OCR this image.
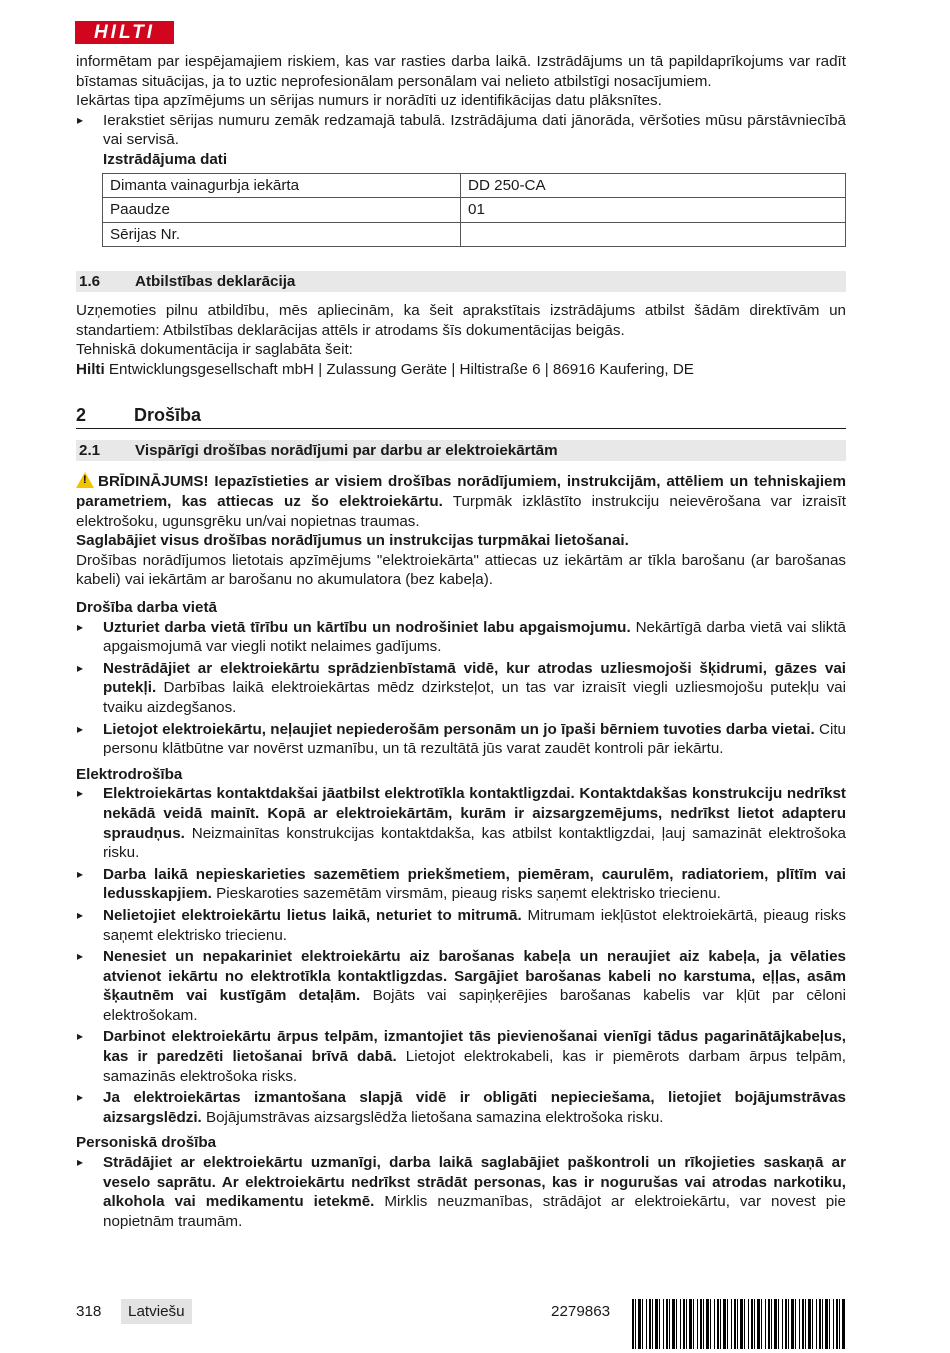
HILTI

informētam par iespējamajiem riskiem, kas var rasties darba laikā. Izstrādājums un tā papildaprīkojums var radīt bīstamas situācijas, ja to uztic neprofesionālam personālam vai nelieto atbilstīgi nosacījumiem.

Iekārtas tipa apzīmējums un sērijas numurs ir norādīti uz identifikācijas datu plāksnītes.

▸ Ierakstiet sērijas numuru zemāk redzamajā tabulā. Izstrādājuma dati jānorāda, vēršoties mūsu pārstāvniecībā vai servisā.

Izstrādājuma dati

Dimanta vainagurbja iekārta	DD 250-CA
Paaudze	01
Sērijas Nr.	
1.6	Atbilstības deklarācija

Uzņemoties pilnu atbildību, mēs apliecinām, ka šeit aprakstītais izstrādājums atbilst šādām direktīvām un standartiem: Atbilstības deklarācijas attēls ir atrodams šīs dokumentācijas beigās.

Tehniskā dokumentācija ir saglabāta šeit:

Hilti Entwicklungsgesellschaft mbH | Zulassung Geräte | Hiltistraße 6 | 86916 Kaufering, DE

2	Drošība
2.1	Vispārīgi drošības norādījumi par darbu ar elektroiekārtām

!BRĪDINĀJUMS! Iepazīstieties ar visiem drošības norādījumiem, instrukcijām, attēliem un tehniskajiem parametriem, kas attiecas uz šo elektroiekārtu. Turpmāk izklāstīto instrukciju neievērošana var izraisīt elektrošoku, ugunsgrēku un/vai nopietnas traumas.

Saglabājiet visus drošības norādījumus un instrukcijas turpmākai lietošanai.

Drošības norādījumos lietotais apzīmējums "elektroiekārta" attiecas uz iekārtām ar tīkla barošanu (ar barošanas kabeli) vai iekārtām ar barošanu no akumulatora (bez kabeļa).

Drošība darba vietā

▸ Uzturiet darba vietā tīrību un kārtību un nodrošiniet labu apgaismojumu. Nekārtīgā darba vietā vai sliktā apgaismojumā var viegli notikt nelaimes gadījums.

▸ Nestrādājiet ar elektroiekārtu sprādzienbīstamā vidē, kur atrodas uzliesmojoši šķidrumi, gāzes vai putekļi. Darbības laikā elektroiekārtas mēdz dzirksteļot, un tas var izraisīt viegli uzliesmojošu putekļu vai tvaiku aizdegšanos.

▸ Lietojot elektroiekārtu, neļaujiet nepiederošām personām un jo īpaši bērniem tuvoties darba vietai. Citu personu klātbūtne var novērst uzmanību, un tā rezultātā jūs varat zaudēt kontroli pār iekārtu.

Elektrodrošība

▸ Elektroiekārtas kontaktdakšai jāatbilst elektrotīkla kontaktligzdai. Kontaktdakšas konstrukciju nedrīkst nekādā veidā mainīt. Kopā ar elektroiekārtām, kurām ir aizsargzemējums, nedrīkst lietot adapteru spraudņus. Neizmainītas konstrukcijas kontaktdakša, kas atbilst kontaktligzdai, ļauj samazināt elektrošoka risku.

▸ Darba laikā nepieskarieties sazemētiem priekšmetiem, piemēram, caurulēm, radiatoriem, plītīm vai ledusskapjiem. Pieskaroties sazemētām virsmām, pieaug risks saņemt elektrisko triecienu.

▸ Nelietojiet elektroiekārtu lietus laikā, neturiet to mitrumā. Mitrumam iekļūstot elektroiekārtā, pieaug risks saņemt elektrisko triecienu.

▸ Nenesiet un nepakariniet elektroiekārtu aiz barošanas kabeļa un neraujiet aiz kabeļa, ja vēlaties atvienot iekārtu no elektrotīkla kontaktligzdas. Sargājiet barošanas kabeli no karstuma, eļļas, asām šķautnēm vai kustīgām detaļām. Bojāts vai sapiņķerējies barošanas kabelis var kļūt par cēloni elektrošokam.

▸ Darbinot elektroiekārtu ārpus telpām, izmantojiet tās pievienošanai vienīgi tādus pagarinātājkabeļus, kas ir paredzēti lietošanai brīvā dabā. Lietojot elektrokabeli, kas ir piemērots darbam ārpus telpām, samazinās elektrošoka risks.

▸ Ja elektroiekārtas izmantošana slapjā vidē ir obligāti nepieciešama, lietojiet bojājumstrāvas aizsargslēdzi. Bojājumstrāvas aizsargslēdža lietošana samazina elektrošoka risku.

Personiskā drošība

▸ Strādājiet ar elektroiekārtu uzmanīgi, darba laikā saglabājiet paškontroli un rīkojieties saskaņā ar veselo saprātu. Ar elektroiekārtu nedrīkst strādāt personas, kas ir nogurušas vai atrodas narkotiku, alkohola vai medikamentu ietekmē. Mirklis neuzmanības, strādājot ar elektroiekārtu, var novest pie nopietnām traumām.

318	Latviešu	2279863
